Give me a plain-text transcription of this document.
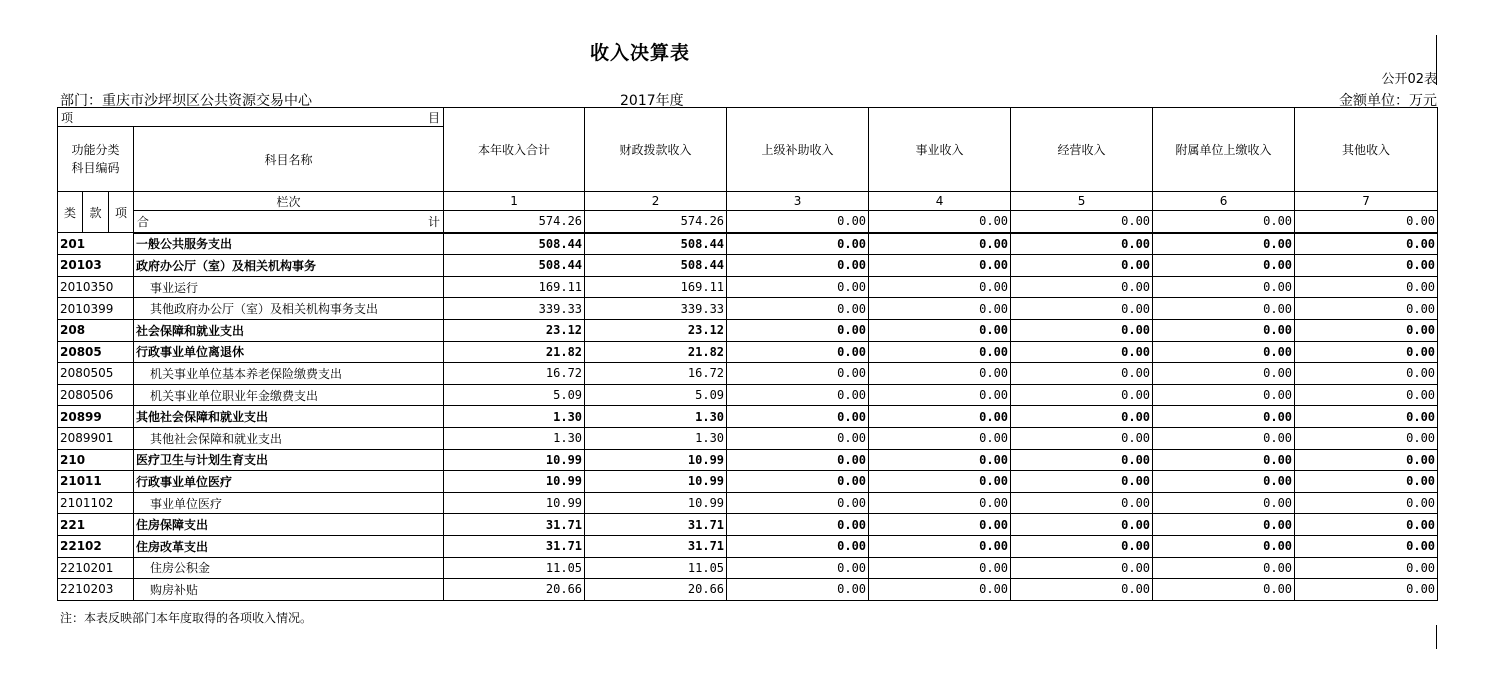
收入决算表
公开02表
部门：重庆市沙坪坝区公共资源交易中心	2017年度	金额单位：万元
项 目				本年收入合计	财政拨款收入	上级补助收入	事业收入	经营收入	附属单位上缴收入	其他收入
功能分类
科目编码			科目名称							

类	款	项	栏次	1	2	3	4	5	6	7

			合 计	574.26	574.26	0.00	0.00	0.00	0.00	0.00
201			一般公共服务支出	508.44	508.44	0.00	0.00	0.00	0.00	0.00
20103			政府办公厅（室）及相关机构事务	508.44	508.44	0.00	0.00	0.00	0.00	0.00
2010350			事业运行	169.11	169.11	0.00	0.00	0.00	0.00	0.00
2010399			其他政府办公厅（室）及相关机构事务支出	339.33	339.33	0.00	0.00	0.00	0.00	0.00
208			社会保障和就业支出	23.12	23.12	0.00	0.00	0.00	0.00	0.00
20805			行政事业单位离退休	21.82	21.82	0.00	0.00	0.00	0.00	0.00
2080505			机关事业单位基本养老保险缴费支出	16.72	16.72	0.00	0.00	0.00	0.00	0.00
2080506			机关事业单位职业年金缴费支出	5.09	5.09	0.00	0.00	0.00	0.00	0.00
20899			其他社会保障和就业支出	1.30	1.30	0.00	0.00	0.00	0.00	0.00
2089901			其他社会保障和就业支出	1.30	1.30	0.00	0.00	0.00	0.00	0.00
210			医疗卫生与计划生育支出	10.99	10.99	0.00	0.00	0.00	0.00	0.00
21011			行政事业单位医疗	10.99	10.99	0.00	0.00	0.00	0.00	0.00
2101102			事业单位医疗	10.99	10.99	0.00	0.00	0.00	0.00	0.00
221			住房保障支出	31.71	31.71	0.00	0.00	0.00	0.00	0.00
22102			住房改革支出	31.71	31.71	0.00	0.00	0.00	0.00	0.00
2210201			住房公积金	11.05	11.05	0.00	0.00	0.00	0.00	0.00
2210203			购房补贴	20.66	20.66	0.00	0.00	0.00	0.00	0.00
注：本表反映部门本年度取得的各项收入情况。
